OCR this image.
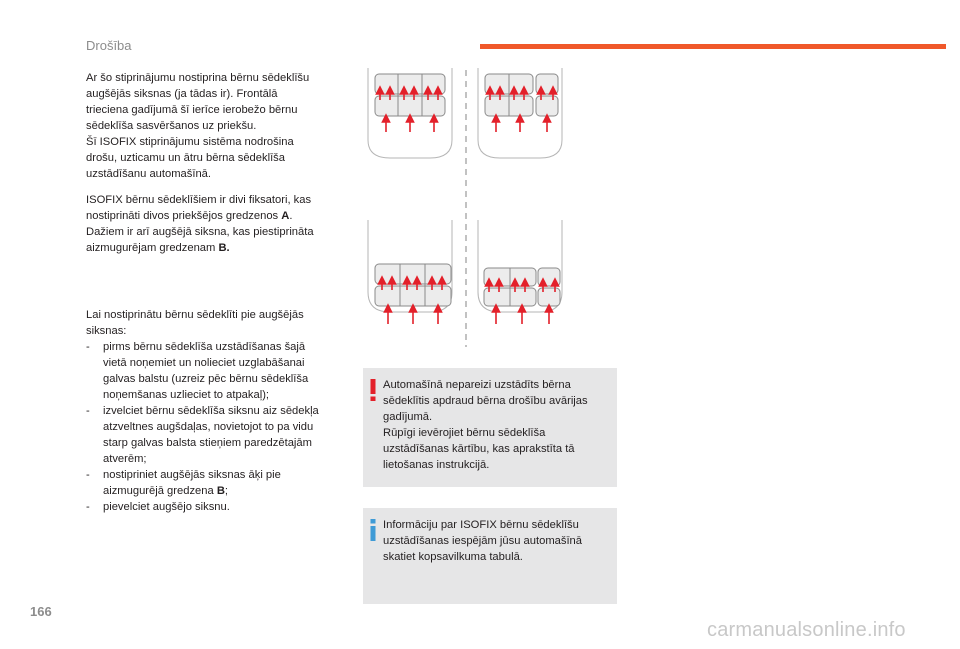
Drošība

Ar šo stiprinājumu nostiprina bērnu sēdeklīšu
augšējās siksnas (ja tādas ir). Frontālā
trieciena gadījumā šī ierīce ierobežo bērnu
sēdeklīša sasvēršanos uz priekšu.
Šī ISOFIX stiprinājumu sistēma nodrošina
drošu, uzticamu un ātru bērna sēdeklīša
uzstādīšanu automašīnā.

ISOFIX bērnu sēdeklīšiem ir divi fiksatori, kas
nostiprināti divos priekšējos gredzenos A.
Dažiem ir arī augšējā siksna, kas piestiprināta
aizmugurējam gredzenam B.

Lai nostiprinātu bērnu sēdeklīti pie augšējās
siksnas:

- pirms bērnu sēdeklīša uzstādīšanas šajā
vietā noņemiet un nolieciet uzglabāšanai
galvas balstu (uzreiz pēc bērnu sēdeklīša
noņemšanas uzlieciet to atpakaļ);
- izvelciet bērnu sēdeklīša siksnu aiz sēdekļa
atzveltnes augšdaļas, novietojot to pa vidu
starp galvas balsta stieņiem paredzētajām
atverēm;
- nostipriniet augšējās siksnas āķi pie
aizmugurējā gredzena B;
- pievelciet augšējo siksnu.

Automašīnā nepareizi uzstādīts bērna
sēdeklītis apdraud bērna drošību avārijas
gadījumā.
Rūpīgi ievērojiet bērnu sēdeklīša
uzstādīšanas kārtību, kas aprakstīta tā
lietošanas instrukcijā.

Informāciju par ISOFIX bērnu sēdeklīšu
uzstādīšanas iespējām jūsu automašīnā
skatiet kopsavilkuma tabulā.

166
carmanualsonline.info
